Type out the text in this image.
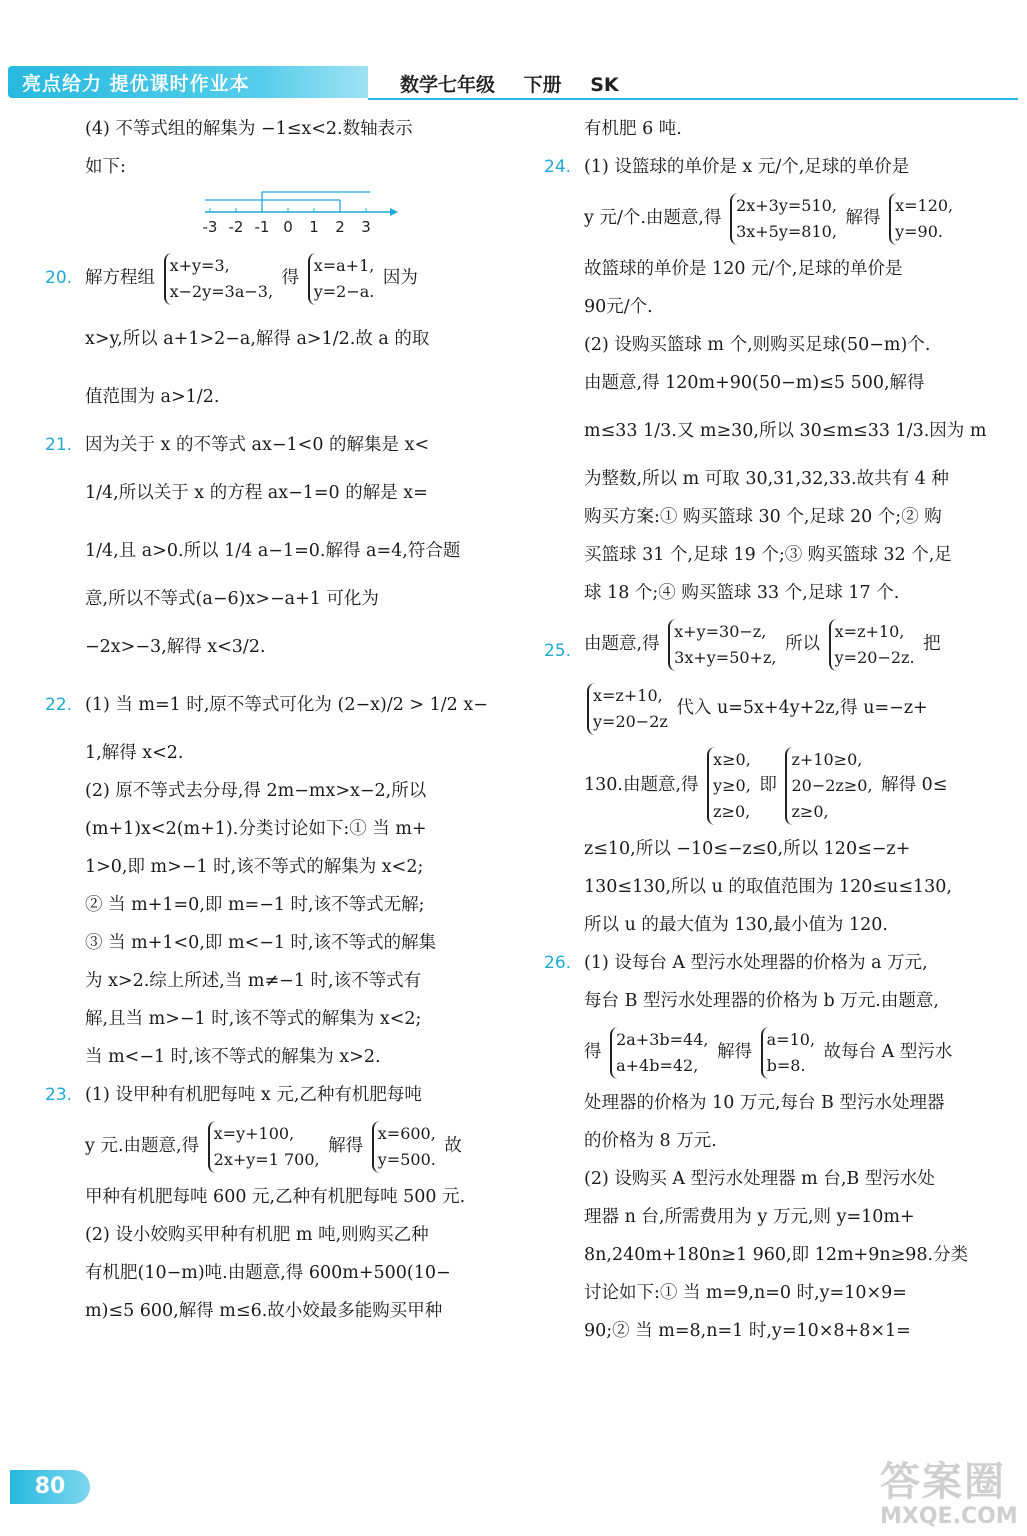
亮点给力 提优课时作业本	数学七年级 下册 SK

(4) 不等式组的解集为 −1≤x<2.数轴表示

如下:

-3 -2 -1 0 1 2 3
20. 解方程组
x+y=3,
x−2y=3a−3,
得
x=a+1,
y=2−a.
因为

x>y,所以 a+1>2−a,解得 a>1/2.故 a 的取

值范围为 a>1/2.

21. 因为关于 x 的不等式 ax−1<0 的解集是 x<

1/4,所以关于 x 的方程 ax−1=0 的解是 x=

1/4,且 a>0.所以 1/4 a−1=0.解得 a=4,符合题

意,所以不等式(a−6)x>−a+1 可化为

−2x>−3,解得 x<3/2.

22. (1) 当 m=1 时,原不等式可化为 (2−x)/2 > 1/2 x−

1,解得 x<2.

(2) 原不等式去分母,得 2m−mx>x−2,所以

(m+1)x<2(m+1).分类讨论如下:① 当 m+

1>0,即 m>−1 时,该不等式的解集为 x<2;

② 当 m+1=0,即 m=−1 时,该不等式无解;

③ 当 m+1<0,即 m<−1 时,该不等式的解集

为 x>2.综上所述,当 m≠−1 时,该不等式有

解,且当 m>−1 时,该不等式的解集为 x<2;

当 m<−1 时,该不等式的解集为 x>2.

23. (1) 设甲种有机肥每吨 x 元,乙种有机肥每吨

y 元.由题意,得
x=y+100,
2x+y=1 700,
解得
x=600,
y=500.
故

甲种有机肥每吨 600 元,乙种有机肥每吨 500 元.

(2) 设小姣购买甲种有机肥 m 吨,则购买乙种

有机肥(10−m)吨.由题意,得 600m+500(10−

m)≤5 600,解得 m≤6.故小姣最多能购买甲种

有机肥 6 吨.

24. (1) 设篮球的单价是 x 元/个,足球的单价是

y 元/个.由题意,得
2x+3y=510,
3x+5y=810,
解得
x=120,
y=90.

故篮球的单价是 120 元/个,足球的单价是

90元/个.

(2) 设购买篮球 m 个,则购买足球(50−m)个.

由题意,得 120m+90(50−m)≤5 500,解得

m≤33 1/3.又 m≥30,所以 30≤m≤33 1/3.因为 m

为整数,所以 m 可取 30,31,32,33.故共有 4 种

购买方案:① 购买篮球 30 个,足球 20 个;② 购

买篮球 31 个,足球 19 个;③ 购买篮球 32 个,足

球 18 个;④ 购买篮球 33 个,足球 17 个.

25. 由题意,得
x+y=30−z,
3x+y=50+z,
所以
x=z+10,
y=20−2z.
把
x=z+10,
y=20−2z
代入 u=5x+4y+2z,得 u=−z+
130.由题意,得
x≥0,
y≥0,
z≥0,
即
z+10≥0,
20−2z≥0,
z≥0,
解得 0≤

z≤10,所以 −10≤−z≤0,所以 120≤−z+

130≤130,所以 u 的取值范围为 120≤u≤130,

所以 u 的最大值为 130,最小值为 120.

26. (1) 设每台 A 型污水处理器的价格为 a 万元,

每台 B 型污水处理器的价格为 b 万元.由题意,

得
2a+3b=44,
a+4b=42,
解得
a=10,
b=8.
故每台 A 型污水

处理器的价格为 10 万元,每台 B 型污水处理器

的价格为 8 万元.

(2) 设购买 A 型污水处理器 m 台,B 型污水处

理器 n 台,所需费用为 y 万元,则 y=10m+

8n,240m+180n≥1 960,即 12m+9n≥98.分类

讨论如下:① 当 m=9,n=0 时,y=10×9=

90;② 当 m=8,n=1 时,y=10×8+8×1=

80	答案圈
MXQE.COM
